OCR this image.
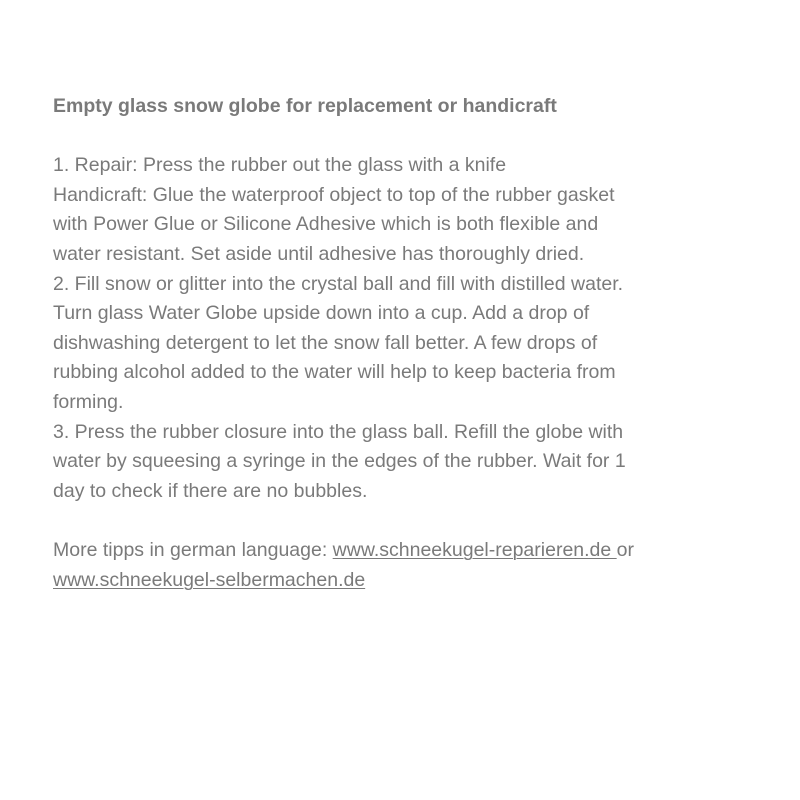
Empty glass snow globe for replacement or handicraft
1. Repair: Press the rubber out the glass with a knife
Handicraft: Glue the waterproof object to top of the rubber gasket
with Power Glue or Silicone Adhesive which is both flexible and
water resistant. Set aside until adhesive has thoroughly dried.
2. Fill snow or glitter into the crystal ball and fill with distilled water.
Turn glass Water Globe upside down into a cup. Add a drop of
dishwashing detergent to let the snow fall better. A few drops of
rubbing alcohol added to the water will help to keep bacteria from
forming.
3. Press the rubber closure into the glass ball. Refill the globe with
water by squeesing a syringe in the edges of the rubber. Wait for 1
day to check if there are no bubbles.
More tipps in german language: www.schneekugel-reparieren.de or
www.schneekugel-selbermachen.de
